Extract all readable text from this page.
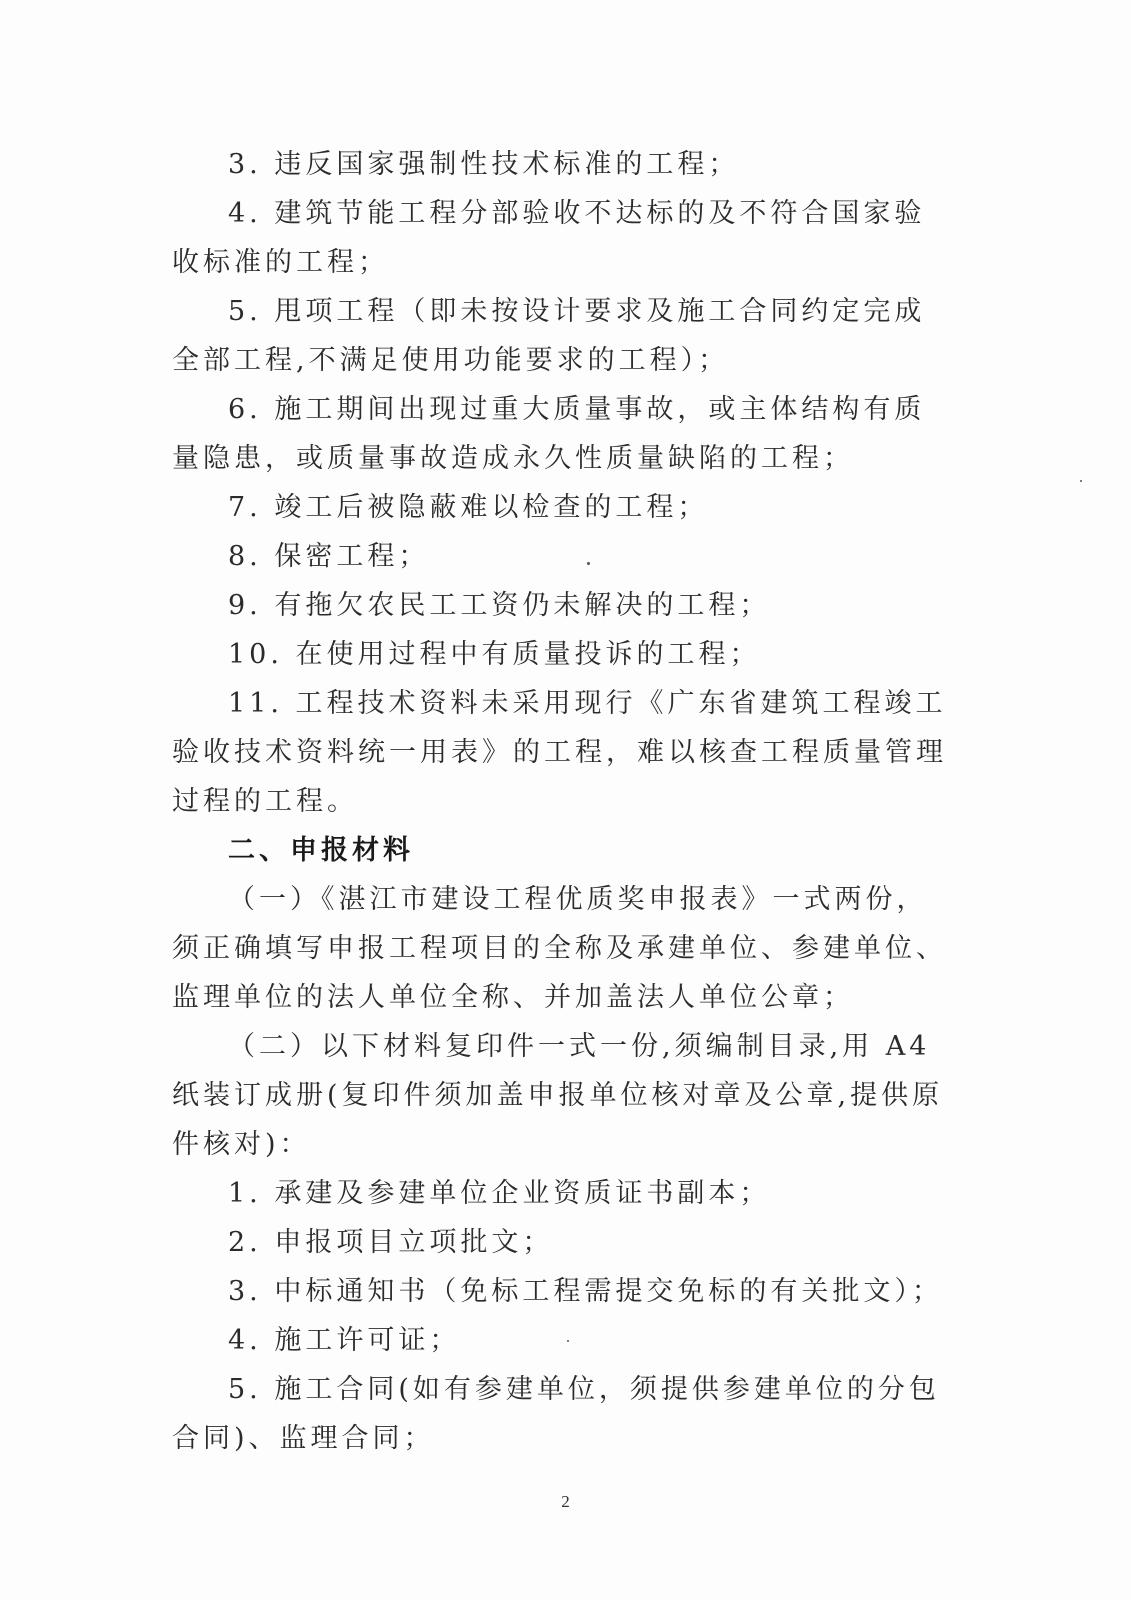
3. 违反国家强制性技术标准的工程；

4. 建筑节能工程分部验收不达标的及不符合国家验收标准的工程；

5. 甩项工程（即未按设计要求及施工合同约定完成全部工程,不满足使用功能要求的工程）；

6. 施工期间出现过重大质量事故，或主体结构有质量隐患，或质量事故造成永久性质量缺陷的工程；

7. 竣工后被隐蔽难以检查的工程；

8. 保密工程；

9. 有拖欠农民工工资仍未解决的工程；

10. 在使用过程中有质量投诉的工程；

11. 工程技术资料未采用现行《广东省建筑工程竣工验收技术资料统一用表》的工程，难以核查工程质量管理过程的工程。

二、申报材料

（一）《湛江市建设工程优质奖申报表》一式两份，须正确填写申报工程项目的全称及承建单位、参建单位、监理单位的法人单位全称、并加盖法人单位公章；

（二）以下材料复印件一式一份,须编制目录,用 A4 纸装订成册(复印件须加盖申报单位核对章及公章,提供原件核对)：

1. 承建及参建单位企业资质证书副本；

2. 申报项目立项批文；

3. 中标通知书（免标工程需提交免标的有关批文）；

4. 施工许可证；

5. 施工合同(如有参建单位，须提供参建单位的分包合同)、监理合同；

2
